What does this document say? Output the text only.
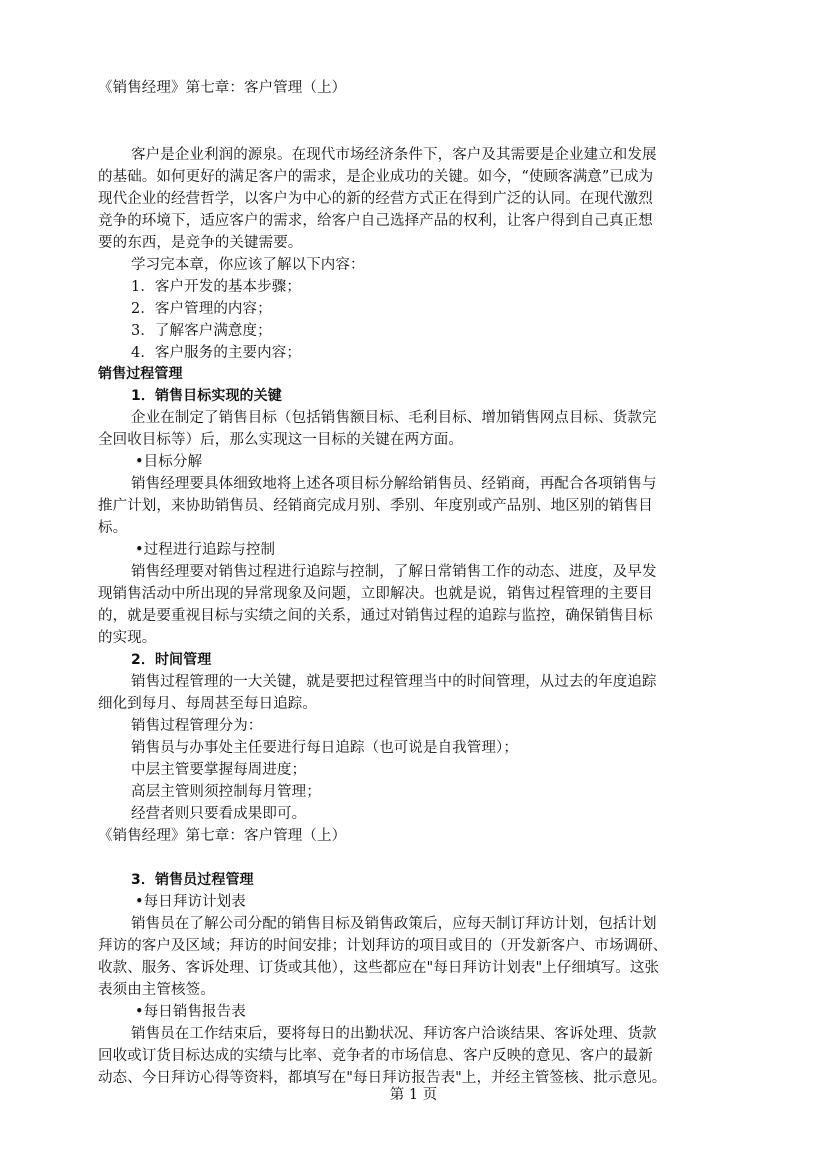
《销售经理》第七章：客户管理（上）
客户是企业利润的源泉。在现代市场经济条件下，客户及其需要是企业建立和发展
的基础。如何更好的满足客户的需求，是企业成功的关键。如今，“使顾客满意”已成为
现代企业的经营哲学，以客户为中心的新的经营方式正在得到广泛的认同。在现代激烈
竞争的环境下，适应客户的需求，给客户自己选择产品的权利，让客户得到自己真正想
要的东西，是竞争的关键需要。
学习完本章，你应该了解以下内容：
1．客户开发的基本步骤；
2．客户管理的内容；
3．了解客户满意度；
4．客户服务的主要内容；
销售过程管理
1．销售目标实现的关键
企业在制定了销售目标（包括销售额目标、毛利目标、增加销售网点目标、货款完
全回收目标等）后，那么实现这一目标的关键在两方面。
•目标分解
销售经理要具体细致地将上述各项目标分解给销售员、经销商，再配合各项销售与
推广计划，来协助销售员、经销商完成月别、季别、年度别或产品别、地区别的销售目
标。
•过程进行追踪与控制
销售经理要对销售过程进行追踪与控制，了解日常销售工作的动态、进度，及早发
现销售活动中所出现的异常现象及问题，立即解决。也就是说，销售过程管理的主要目
的，就是要重视目标与实绩之间的关系，通过对销售过程的追踪与监控，确保销售目标
的实现。
2．时间管理
销售过程管理的一大关键，就是要把过程管理当中的时间管理，从过去的年度追踪
细化到每月、每周甚至每日追踪。
销售过程管理分为：
销售员与办事处主任要进行每日追踪（也可说是自我管理）；
中层主管要掌握每周进度；
高层主管则须控制每月管理；
经营者则只要看成果即可。
《销售经理》第七章：客户管理（上）
3．销售员过程管理
•每日拜访计划表
销售员在了解公司分配的销售目标及销售政策后，应每天制订拜访计划，包括计划
拜访的客户及区域；拜访的时间安排；计划拜访的项目或目的（开发新客户、市场调研、
收款、服务、客诉处理、订货或其他），这些都应在"每日拜访计划表"上仔细填写。这张
表须由主管核签。
•每日销售报告表
销售员在工作结束后，要将每日的出勤状况、拜访客户洽谈结果、客诉处理、货款
回收或订货目标达成的实绩与比率、竞争者的市场信息、客户反映的意见、客户的最新
动态、今日拜访心得等资料，都填写在"每日拜访报告表"上，并经主管签核、批示意见。
第 1 页
